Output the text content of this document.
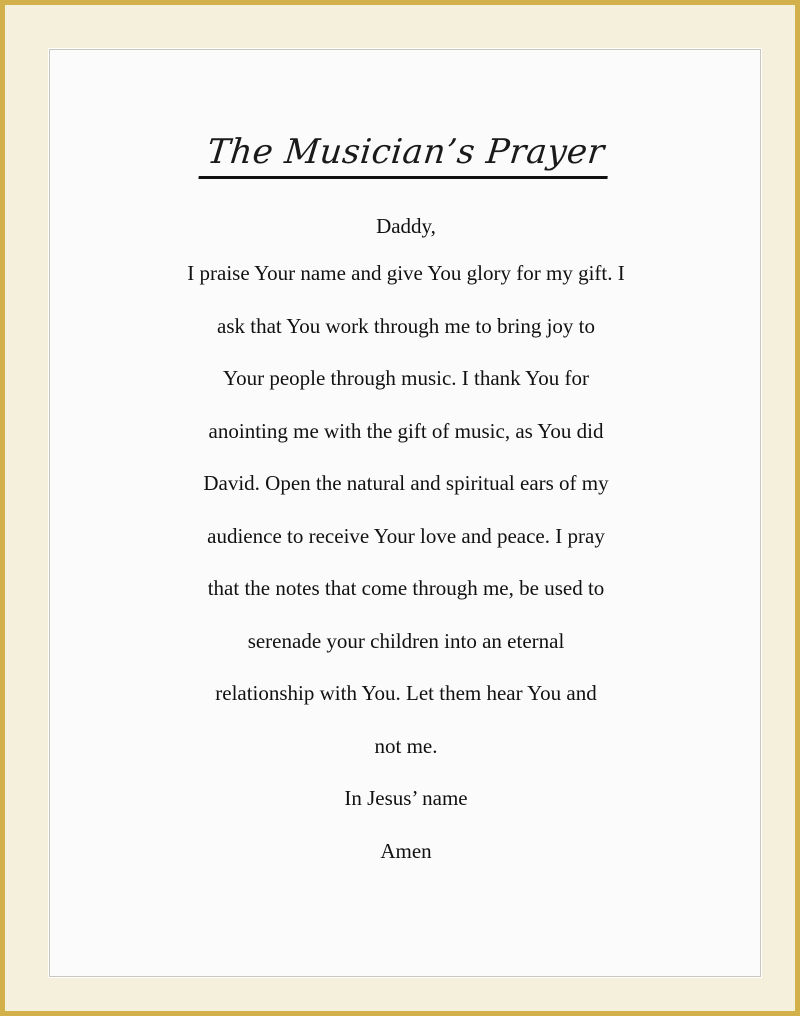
The Musician’s Prayer
Daddy,
I praise Your name and give You glory for my gift. I
ask that You work through me to bring joy to
Your people through music. I thank You for
anointing me with the gift of music, as You did
David. Open the natural and spiritual ears of my
audience to receive Your love and peace. I pray
that the notes that come through me, be used to
serenade your children into an eternal
relationship with You. Let them hear You and
not me.
In Jesus’ name
Amen
